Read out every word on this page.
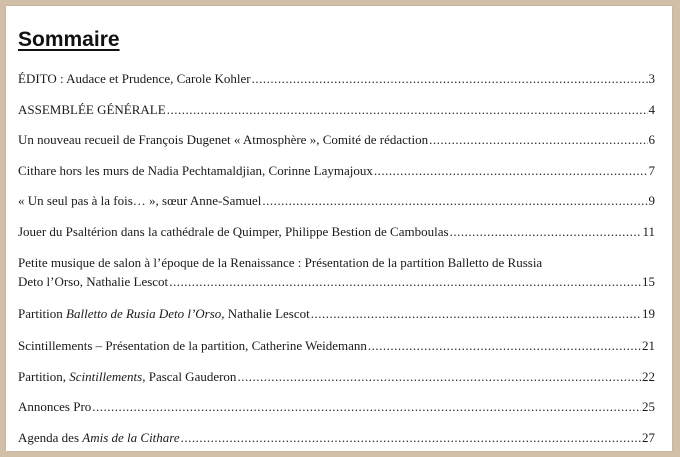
Sommaire
ÉDITO : Audace et Prudence, Carole Kohler .....	3
ASSEMBLÉE GÉNÉRALE .....	4
Un nouveau recueil de François Dugenet « Atmosphère », Comité de rédaction .....	6
Cithare hors les murs de Nadia Pechtamaldjian, Corinne Laymajoux .....	7
« Un seul pas à la fois… », sœur Anne-Samuel .....	9
Jouer du Psaltérion dans la cathédrale de Quimper, Philippe Bestion de Camboulas .....	11
Petite musique de salon à l’époque de la Renaissance : Présentation de la partition Balletto de Russia
Deto l’Orso, Nathalie Lescot .....	15
Partition Balletto de Rusia Deto l’Orso, Nathalie Lescot .....	19
Scintillements – Présentation de la partition, Catherine Weidemann .....	21
Partition, Scintillements, Pascal Gauderon .....	22
Annonces Pro .....	25
Agenda des Amis de la Cithare .....	27
